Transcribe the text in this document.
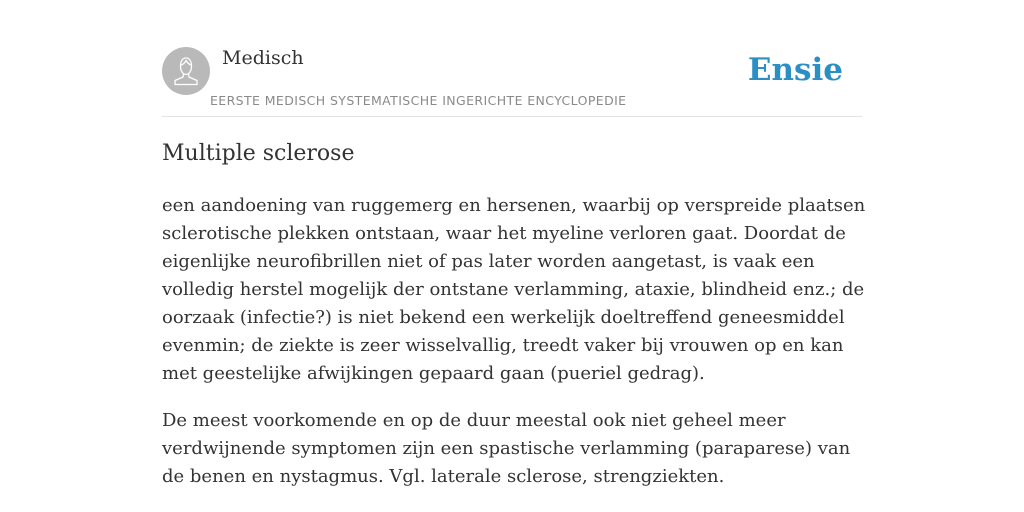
Medisch
EERSTE MEDISCH SYSTEMATISCHE INGERICHTE ENCYCLOPEDIE
Ensie
Multiple sclerose

een aandoening van ruggemerg en hersenen, waarbij op verspreide plaatsen sclerotische plekken ontstaan, waar het myeline verloren gaat. Doordat de eigenlijke neurofibrillen niet of pas later worden aangetast, is vaak een volledig herstel mogelijk der ontstane verlamming, ataxie, blindheid enz.; de oorzaak (infectie?) is niet bekend een werkelijk doeltreffend geneesmiddel evenmin; de ziekte is zeer wisselvallig, treedt vaker bij vrouwen op en kan met geestelijke afwijkingen gepaard gaan (pueriel gedrag).

De meest voorkomende en op de duur meestal ook niet geheel meer verdwijnende symptomen zijn een spastische verlamming (paraparese) van de benen en nystagmus. Vgl. laterale sclerose, strengziekten.
